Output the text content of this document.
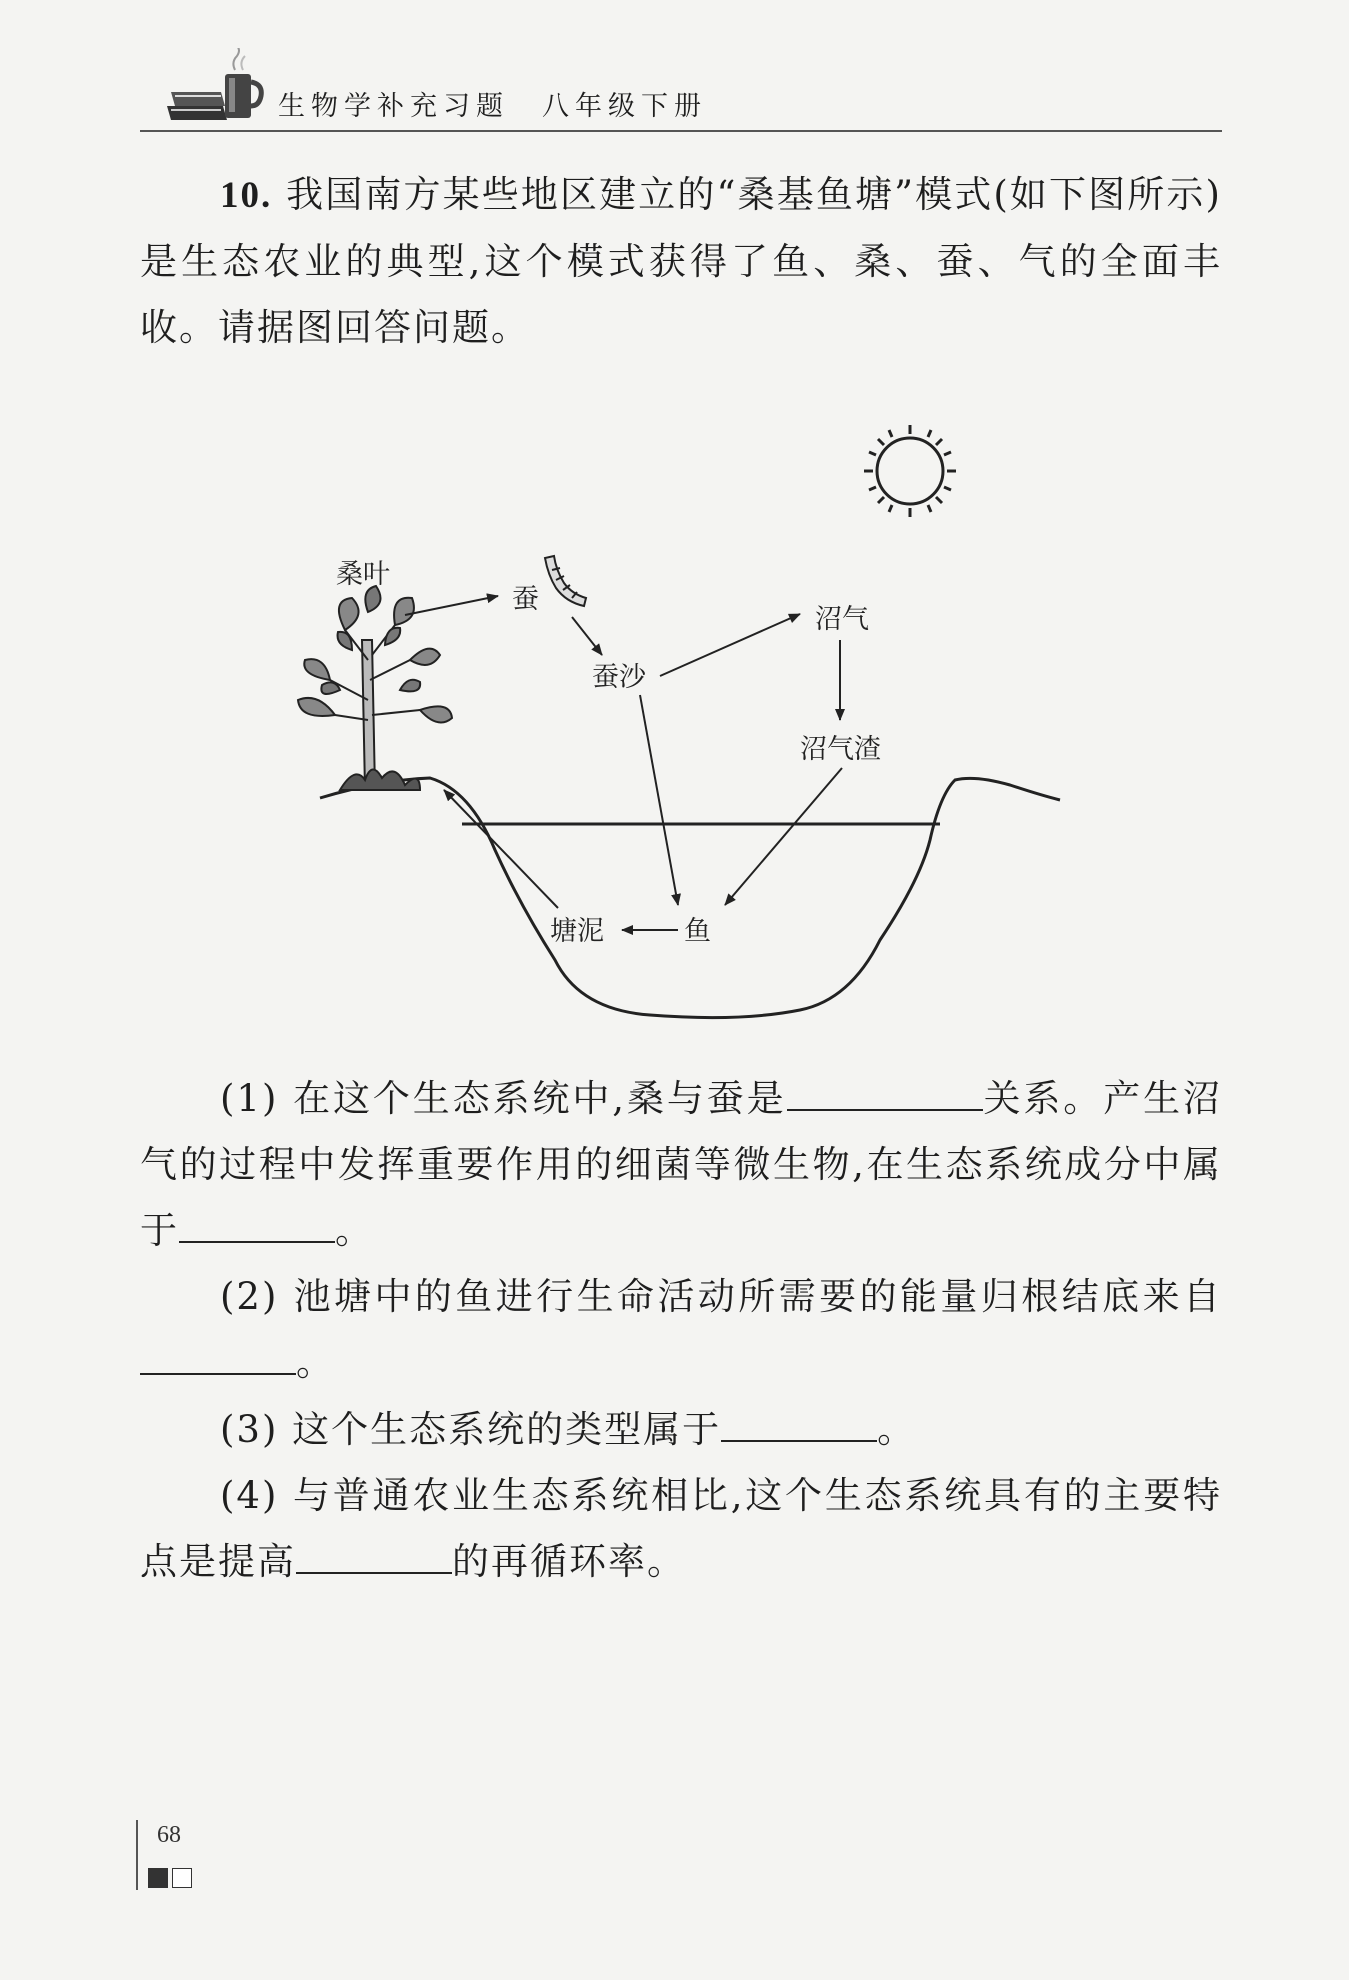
生物学补充习题　八年级下册
10. 我国南方某些地区建立的“桑基鱼塘”模式(如下图所示)是生态农业的典型,这个模式获得了鱼、桑、蚕、气的全面丰收。请据图回答问题。
桑叶
蚕
蚕沙
沼气
沼气渣
塘泥	鱼
(1) 在这个生态系统中,桑与蚕是	关系。产生沼气的过程中发挥重要作用的细菌等微生物,在生态系统成分中属于	。
(2) 池塘中的鱼进行生命活动所需要的能量归根结底来自。
(3) 这个生态系统的类型属于	。
(4) 与普通农业生态系统相比,这个生态系统具有的主要特点是提高	的再循环率。
68
